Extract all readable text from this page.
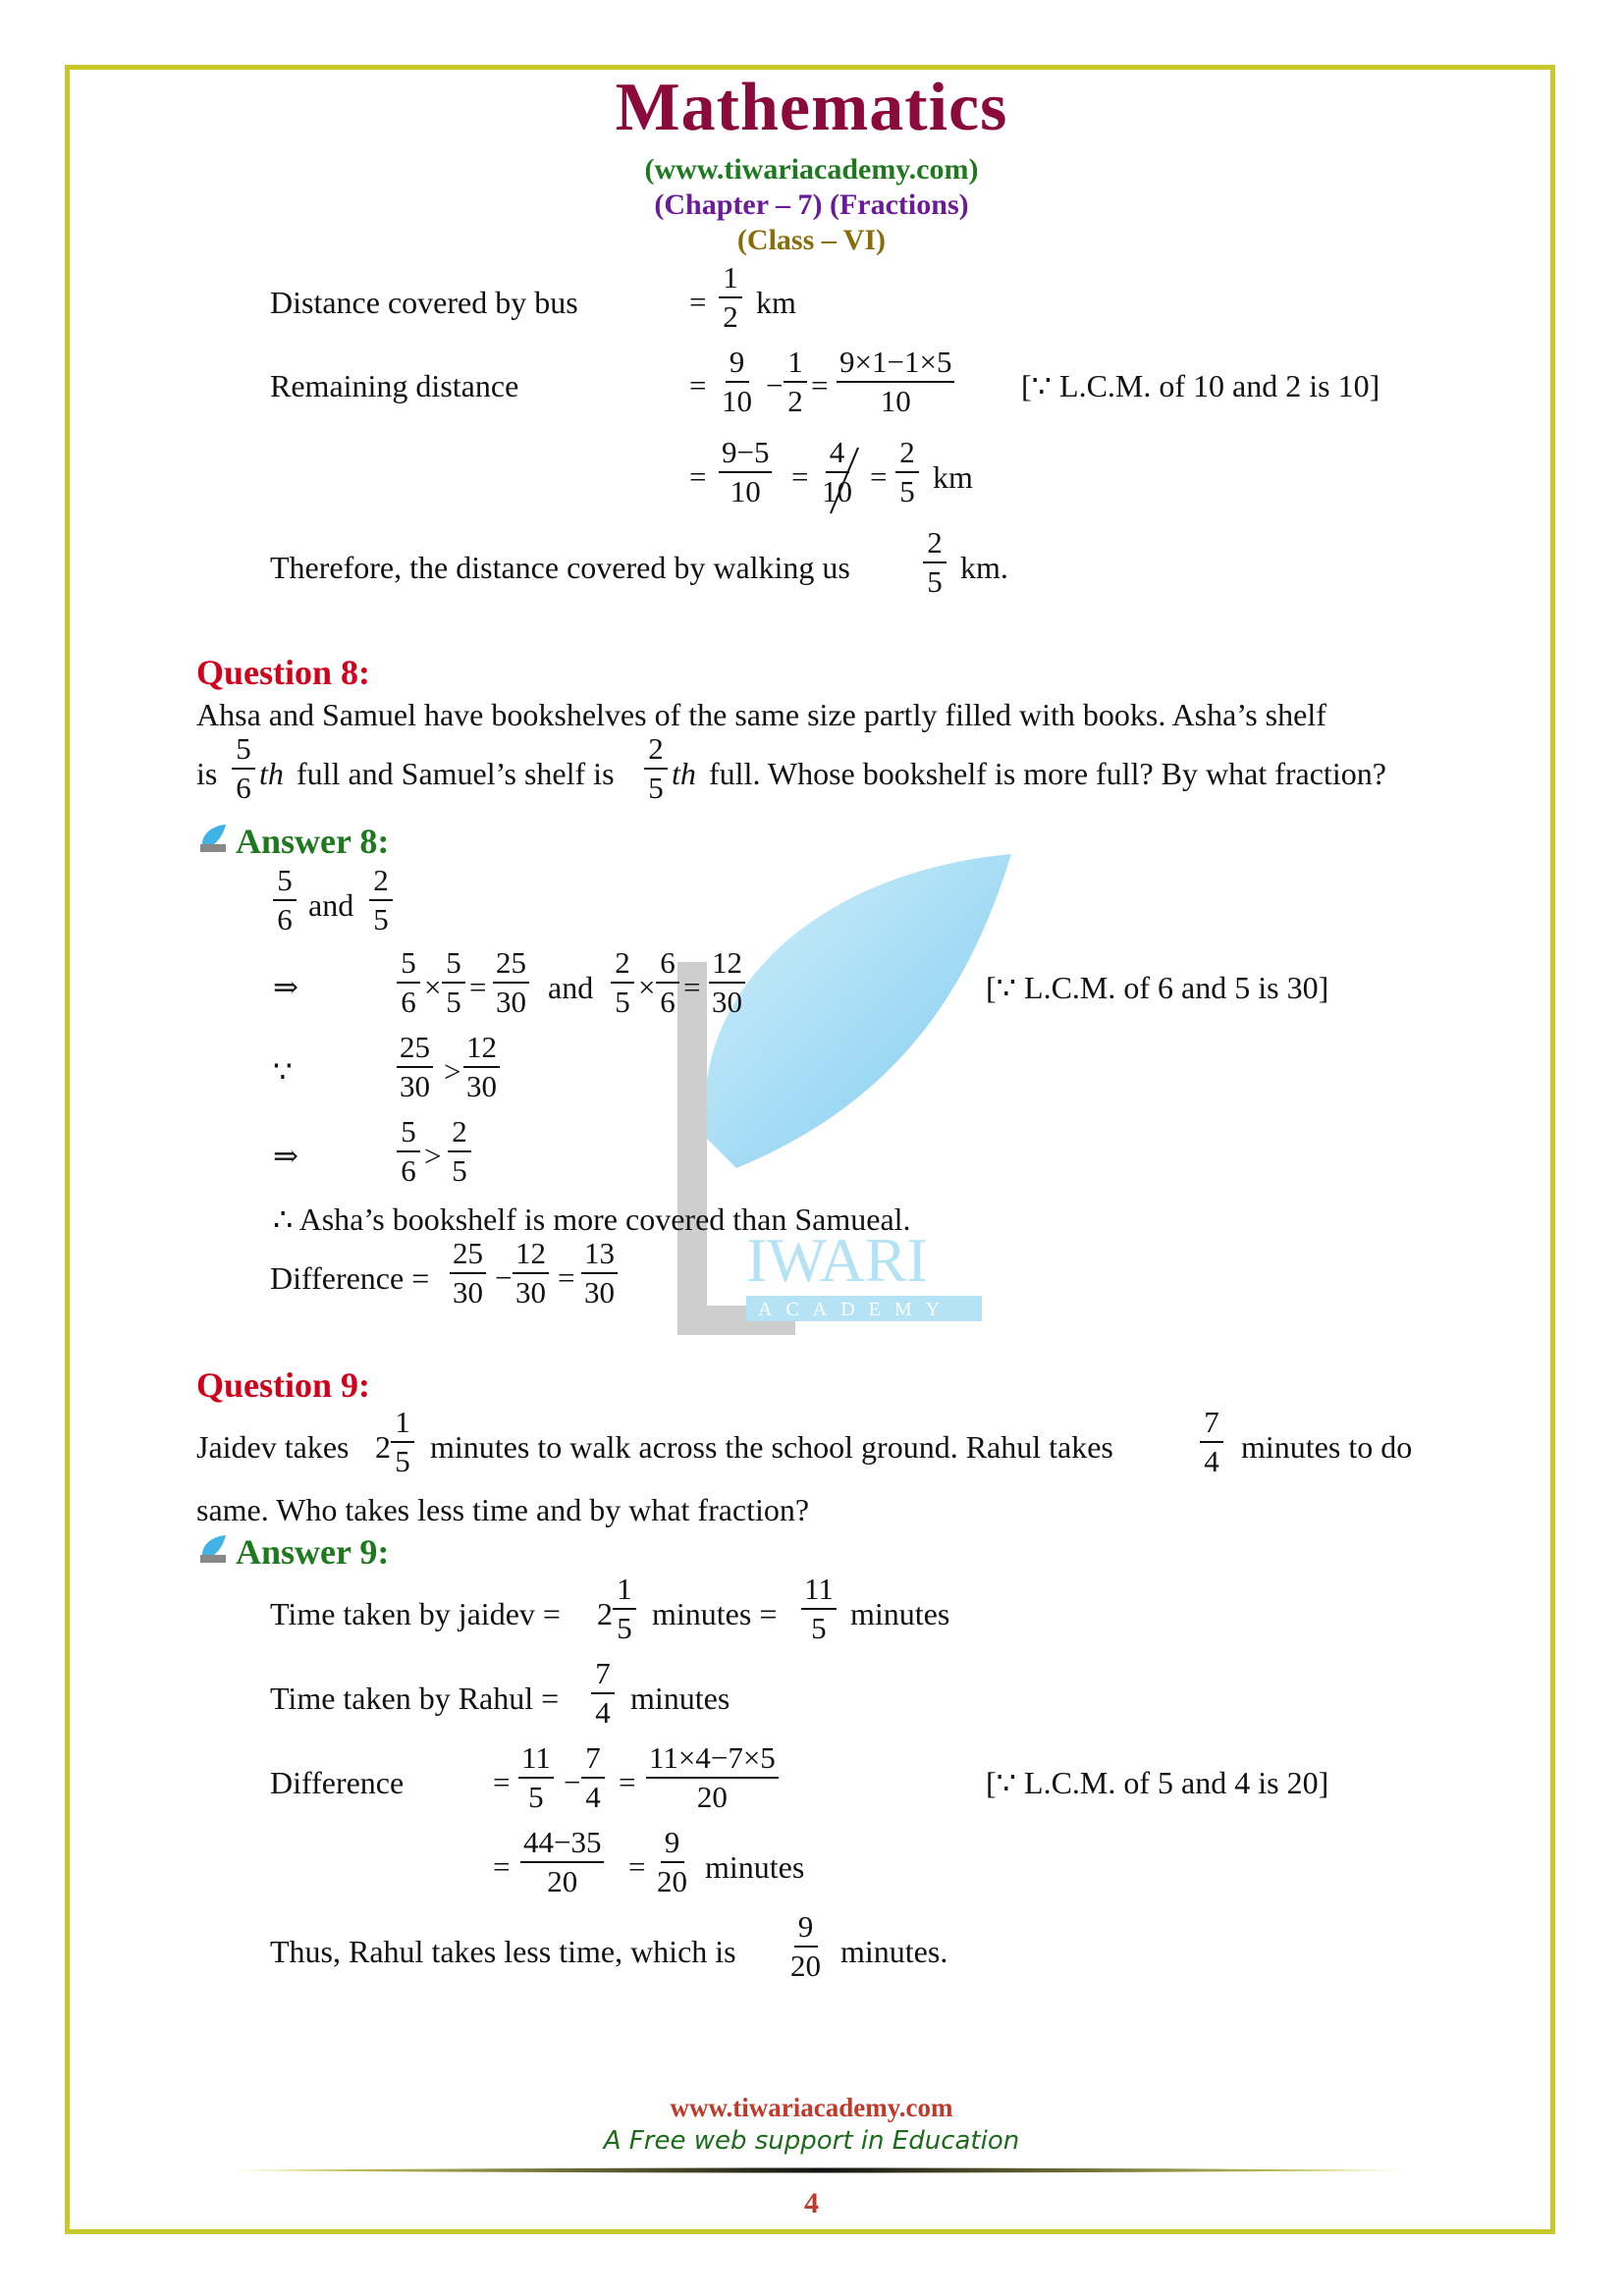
IWARI
ACADEMY
Mathematics
(www.tiwariacademy.com)
(Chapter – 7) (Fractions)
(Class – VI)
Distance covered by bus	= $\frac{1}{2}$ km
Remaining distance	= $\frac{9}{10} - \frac{1}{2} = \frac{9\times 1-1\times 5}{10}$ [∵ L.C.M. of 10 and 2 is 10]
= $\frac{9-5}{10} = \frac{4}{10} = \frac{2}{5}$ km
Therefore, the distance covered by walking us $\frac{2}{5}$ km.
Question 8:
Ahsa and Samuel have bookshelves of the same size partly filled with books. Asha’s shelf
is $\frac{5}{6}$ th full and Samuel’s shelf is $\frac{2}{5}$ th full. Whose bookshelf is more full? By what fraction?
Answer 8:
$\frac{5}{6}$ and $\frac{2}{5}$
⇒	$\frac{5}{6} \times \frac{5}{5} = \frac{25}{30}$ and $\frac{2}{5} \times \frac{6}{6} = \frac{12}{30}$	[∵ L.C.M. of 6 and 5 is 30]
∵	$\frac{25}{30} > \frac{12}{30}$
⇒	$\frac{5}{6} > \frac{2}{5}$
∴ Asha’s bookshelf is more covered than Samueal.
Difference = $\frac{25}{30} - \frac{12}{30} = \frac{13}{30}$
Question 9:
Jaidev takes $2 \frac{1}{5}$ minutes to walk across the school ground. Rahul takes	$\frac{7}{4}$ minutes to do
same. Who takes less time and by what fraction?
Answer 9:
Time taken by jaidev = $2 \frac{1}{5}$ minutes = $\frac{11}{5}$ minutes
Time taken by Rahul = $\frac{7}{4}$ minutes
Difference	= $\frac{11}{5} - \frac{7}{4} = \frac{11\times 4-7\times 5}{20}$	[∵ L.C.M. of 5 and 4 is 20]
= $\frac{44-35}{20} = \frac{9}{20}$ minutes
Thus, Rahul takes less time, which is $\frac{9}{20}$ minutes.
www.tiwariacademy.com
A Free web support in Education
4
